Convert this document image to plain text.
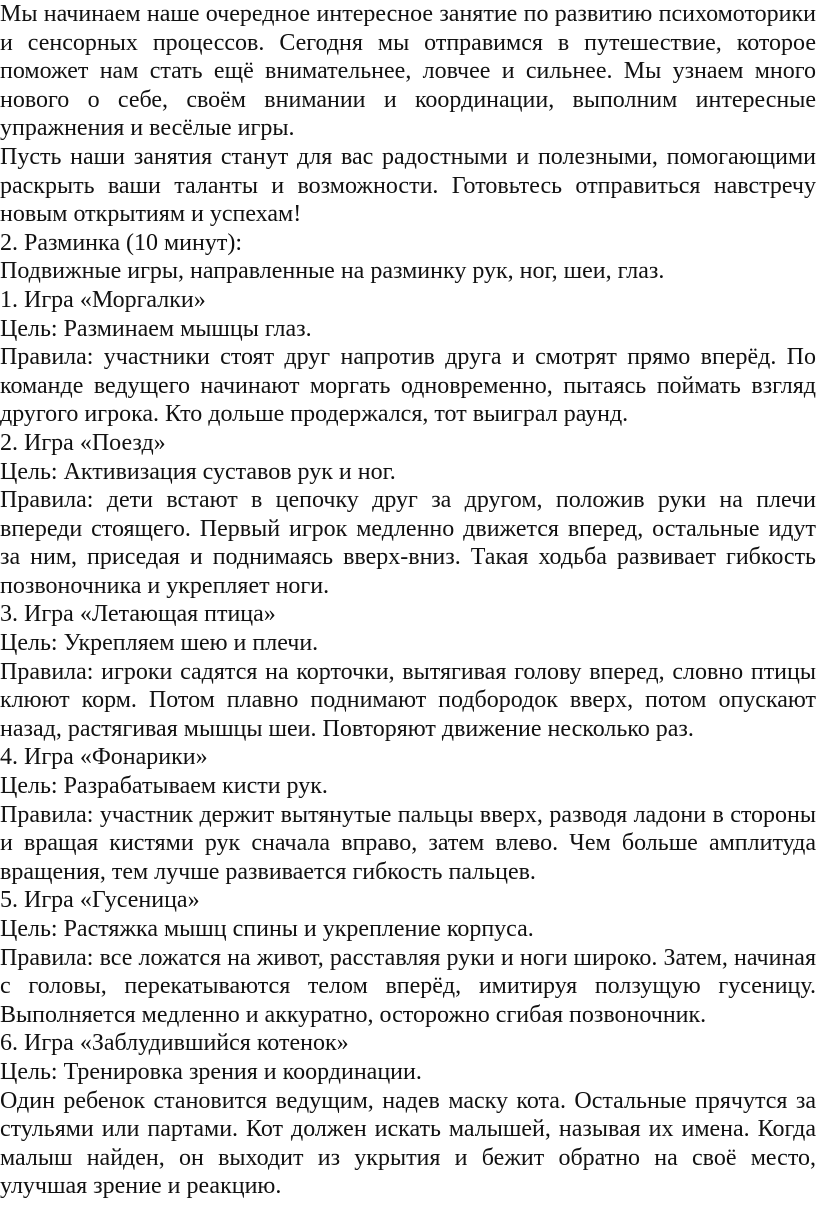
Мы начинаем наше очередное интересное занятие по развитию психомоторики и сенсорных процессов. Сегодня мы отправимся в путешествие, которое поможет нам стать ещё внимательнее, ловчее и сильнее. Мы узнаем много нового о себе, своём внимании и координации, выполним интересные упражнения и весёлые игры.

Пусть наши занятия станут для вас радостными и полезными, помогающими раскрыть ваши таланты и возможности. Готовьтесь отправиться навстречу новым открытиям и успехам!

2. Разминка (10 минут):

Подвижные игры, направленные на разминку рук, ног, шеи, глаз.

1. Игра «Моргалки»

Цель: Разминаем мышцы глаз.

Правила: участники стоят друг напротив друга и смотрят прямо вперёд. По команде ведущего начинают моргать одновременно, пытаясь поймать взгляд другого игрока. Кто дольше продержался, тот выиграл раунд.

2. Игра «Поезд»

Цель: Активизация суставов рук и ног.

Правила: дети встают в цепочку друг за другом, положив руки на плечи впереди стоящего. Первый игрок медленно движется вперед, остальные идут за ним, приседая и поднимаясь вверх-вниз. Такая ходьба развивает гибкость позвоночника и укрепляет ноги.

3. Игра «Летающая птица»

Цель: Укрепляем шею и плечи.

Правила: игроки садятся на корточки, вытягивая голову вперед, словно птицы клюют корм. Потом плавно поднимают подбородок вверх, потом опускают назад, растягивая мышцы шеи. Повторяют движение несколько раз.

4. Игра «Фонарики»

Цель: Разрабатываем кисти рук.

Правила: участник держит вытянутые пальцы вверх, разводя ладони в стороны и вращая кистями рук сначала вправо, затем влево. Чем больше амплитуда вращения, тем лучше развивается гибкость пальцев.

5. Игра «Гусеница»

Цель: Растяжка мышц спины и укрепление корпуса.

Правила: все ложатся на живот, расставляя руки и ноги широко. Затем, начиная с головы, перекатываются телом вперёд, имитируя ползущую гусеницу. Выполняется медленно и аккуратно, осторожно сгибая позвоночник.

6. Игра «Заблудившийся котенок»

Цель: Тренировка зрения и координации.

Один ребенок становится ведущим, надев маску кота. Остальные прячутся за стульями или партами. Кот должен искать малышей, называя их имена. Когда малыш найден, он выходит из укрытия и бежит обратно на своё место, улучшая зрение и реакцию.
